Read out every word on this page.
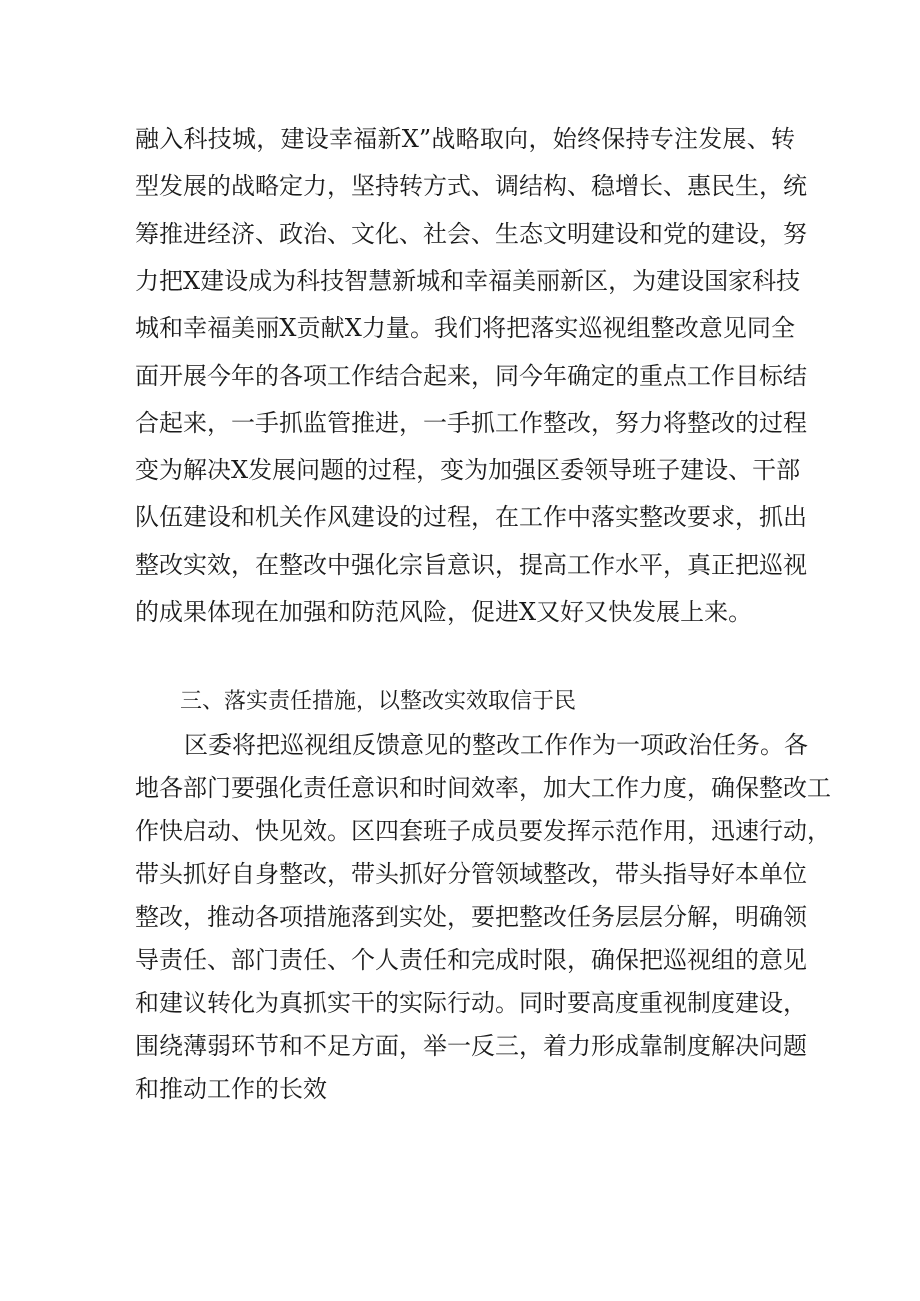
融入科技城，建设幸福新X”战略取向，始终保持专注发展、转
型发展的战略定力，坚持转方式、调结构、稳增长、惠民生，统
筹推进经济、政治、文化、社会、生态文明建设和党的建设，努
力把X建设成为科技智慧新城和幸福美丽新区，为建设国家科技
城和幸福美丽X贡献X力量。我们将把落实巡视组整改意见同全
面开展今年的各项工作结合起来，同今年确定的重点工作目标结
合起来，一手抓监管推进，一手抓工作整改，努力将整改的过程
变为解决X发展问题的过程，变为加强区委领导班子建设、干部
队伍建设和机关作风建设的过程，在工作中落实整改要求，抓出
整改实效，在整改中强化宗旨意识，提高工作水平，真正把巡视
的成果体现在加强和防范风险，促进X又好又快发展上来。
三、落实责任措施，以整改实效取信于民
区委将把巡视组反馈意见的整改工作作为一项政治任务。各
地各部门要强化责任意识和时间效率，加大工作力度，确保整改工
作快启动、快见效。区四套班子成员要发挥示范作用，迅速行动，
带头抓好自身整改，带头抓好分管领域整改，带头指导好本单位
整改，推动各项措施落到实处，要把整改任务层层分解，明确领
导责任、部门责任、个人责任和完成时限，确保把巡视组的意见
和建议转化为真抓实干的实际行动。同时要高度重视制度建设，
围绕薄弱环节和不足方面，举一反三，着力形成靠制度解决问题
和推动工作的长效
